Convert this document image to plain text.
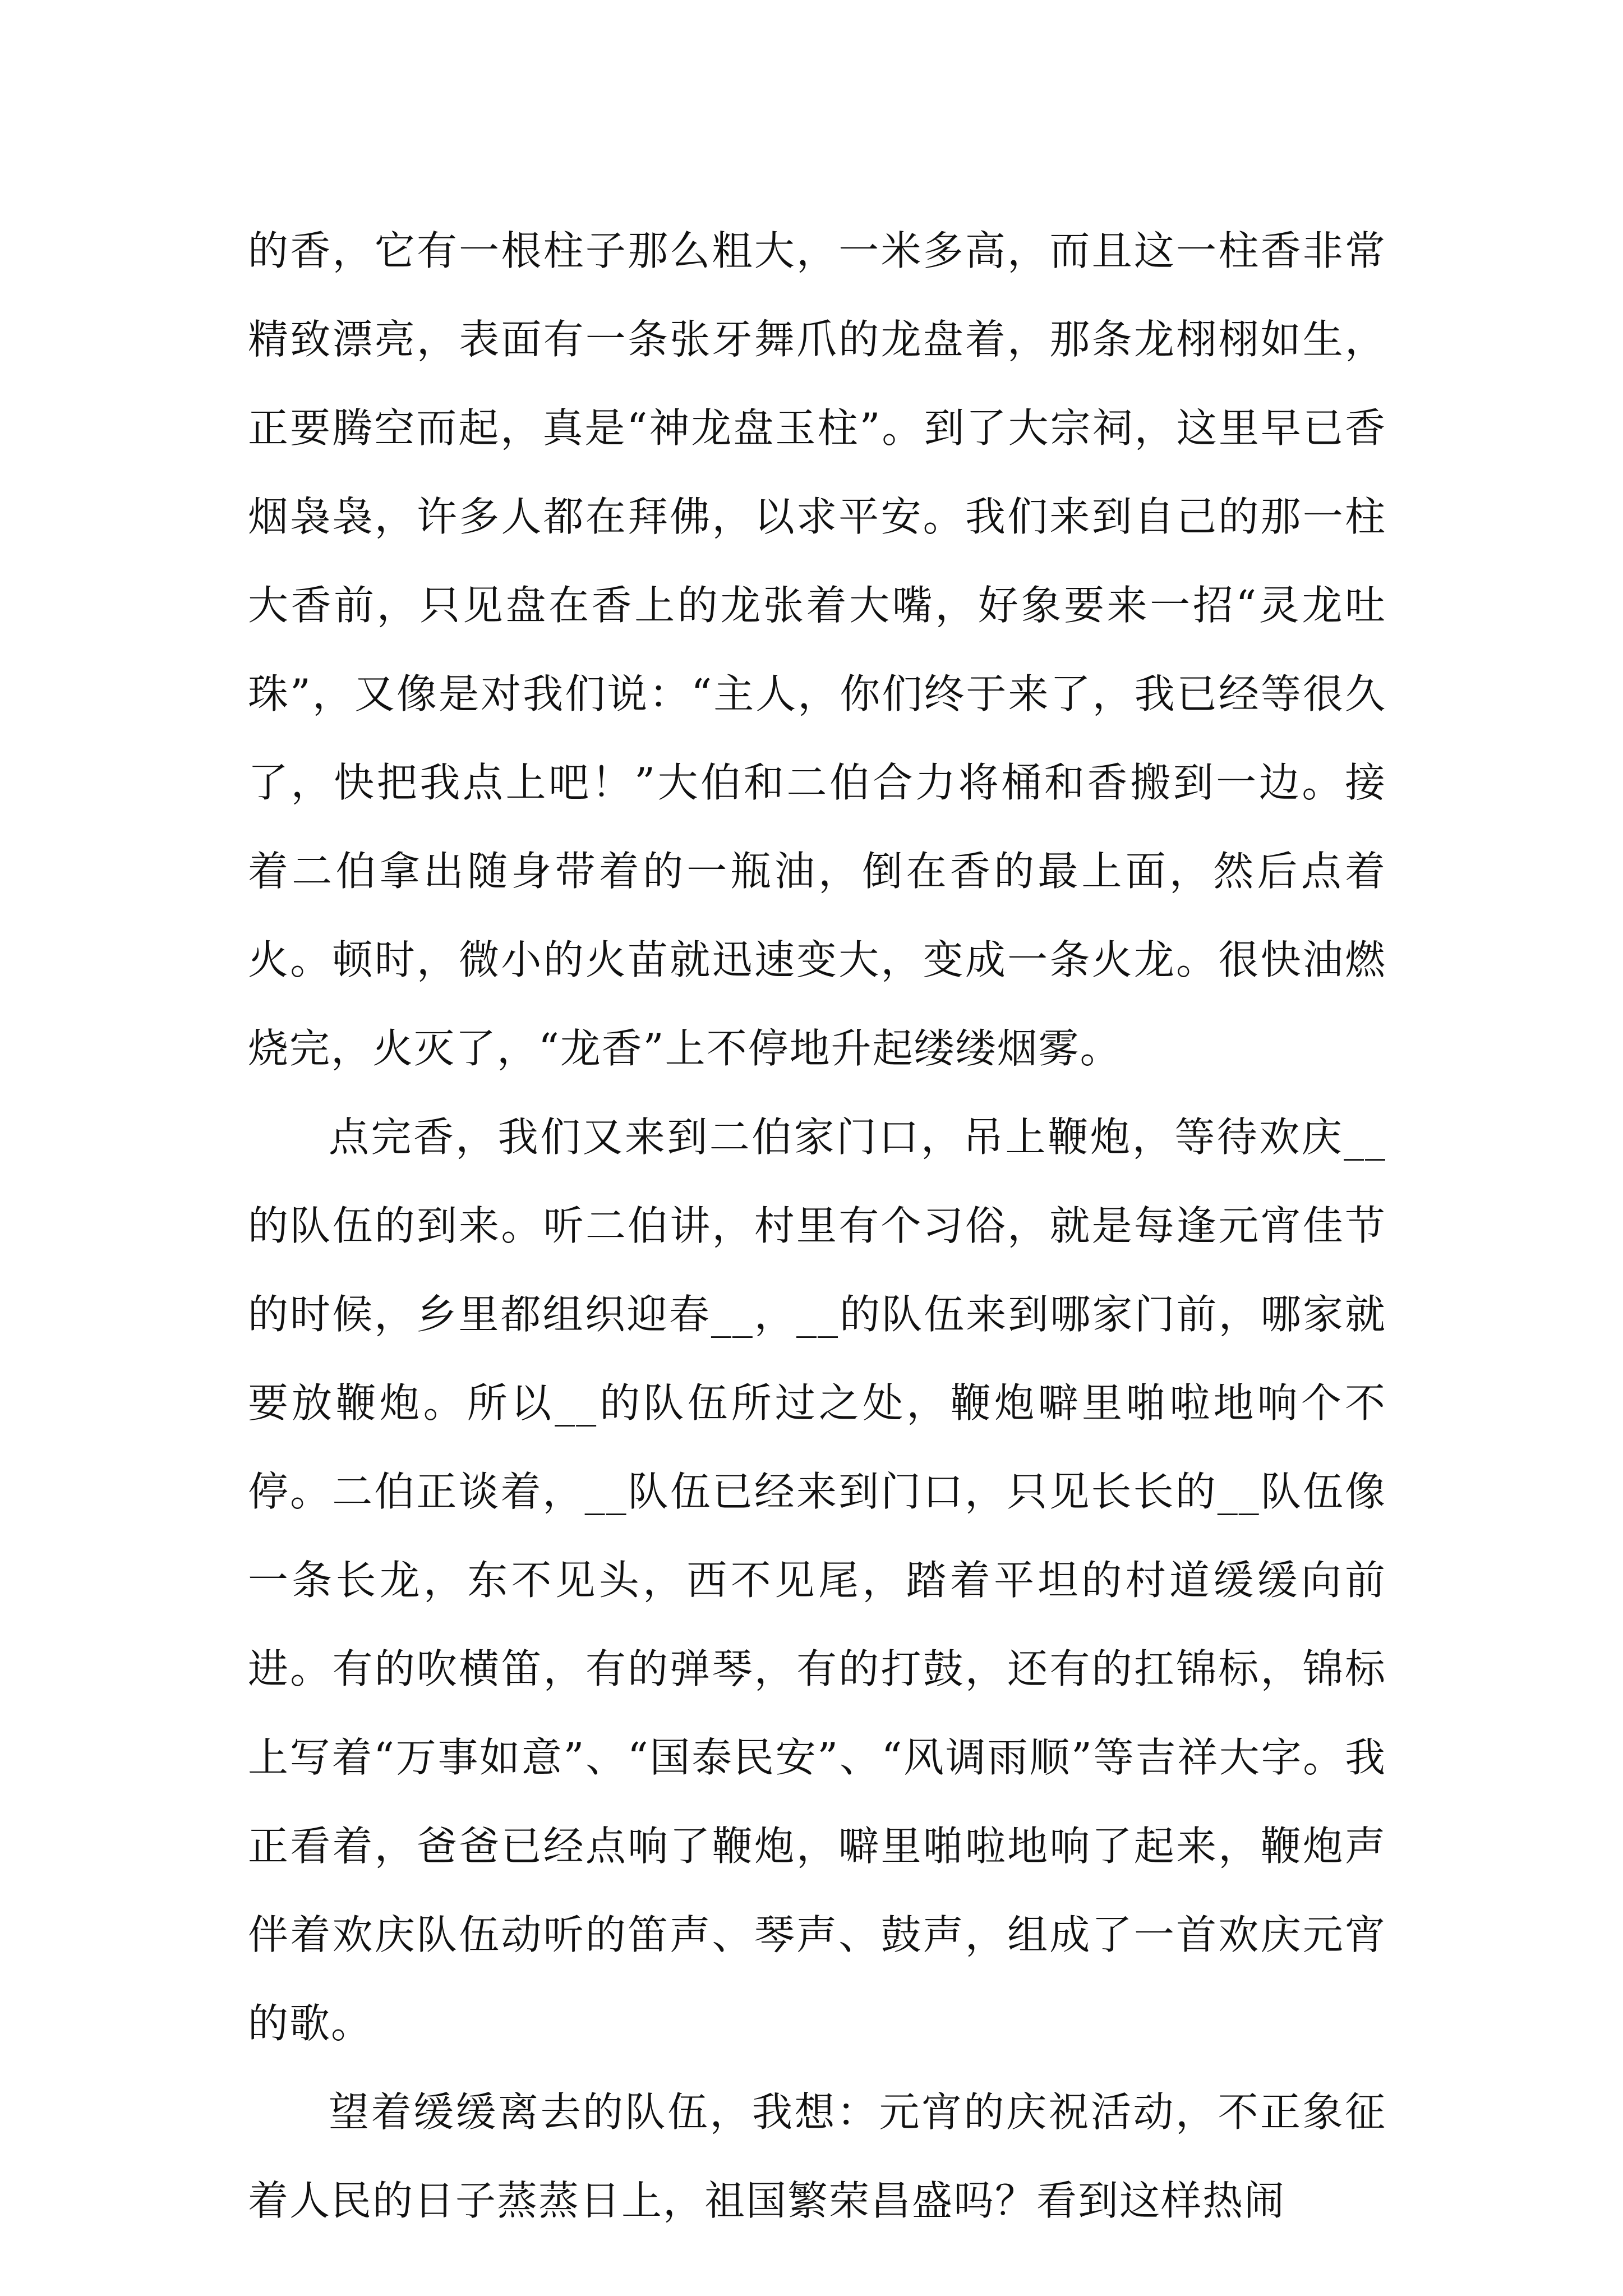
的香，它有一根柱子那么粗大，一米多高，而且这一柱香非常精致漂亮，表面有一条张牙舞爪的龙盘着，那条龙栩栩如生，正要腾空而起，真是“神龙盘玉柱”。到了大宗祠，这里早已香烟袅袅，许多人都在拜佛，以求平安。我们来到自己的那一柱大香前，只见盘在香上的龙张着大嘴，好象要来一招“灵龙吐珠”，又像是对我们说：“主人，你们终于来了，我已经等很久了，快把我点上吧！”大伯和二伯合力将桶和香搬到一边。接着二伯拿出随身带着的一瓶油，倒在香的最上面，然后点着火。顿时，微小的火苗就迅速变大，变成一条火龙。很快油燃烧完，火灭了，“龙香”上不停地升起缕缕烟雾。

点完香，我们又来到二伯家门口，吊上鞭炮，等待欢庆__的队伍的到来。听二伯讲，村里有个习俗，就是每逢元宵佳节的时候，乡里都组织迎春__，__的队伍来到哪家门前，哪家就要放鞭炮。所以__的队伍所过之处，鞭炮噼里啪啦地响个不停。二伯正谈着，__队伍已经来到门口，只见长长的__队伍像一条长龙，东不见头，西不见尾，踏着平坦的村道缓缓向前进。有的吹横笛，有的弹琴，有的打鼓，还有的扛锦标，锦标上写着“万事如意”、“国泰民安”、“风调雨顺”等吉祥大字。我正看着，爸爸已经点响了鞭炮，噼里啪啦地响了起来，鞭炮声伴着欢庆队伍动听的笛声、琴声、鼓声，组成了一首欢庆元宵的歌。

望着缓缓离去的队伍，我想：元宵的庆祝活动，不正象征着人民的日子蒸蒸日上，祖国繁荣昌盛吗？看到这样热闹
